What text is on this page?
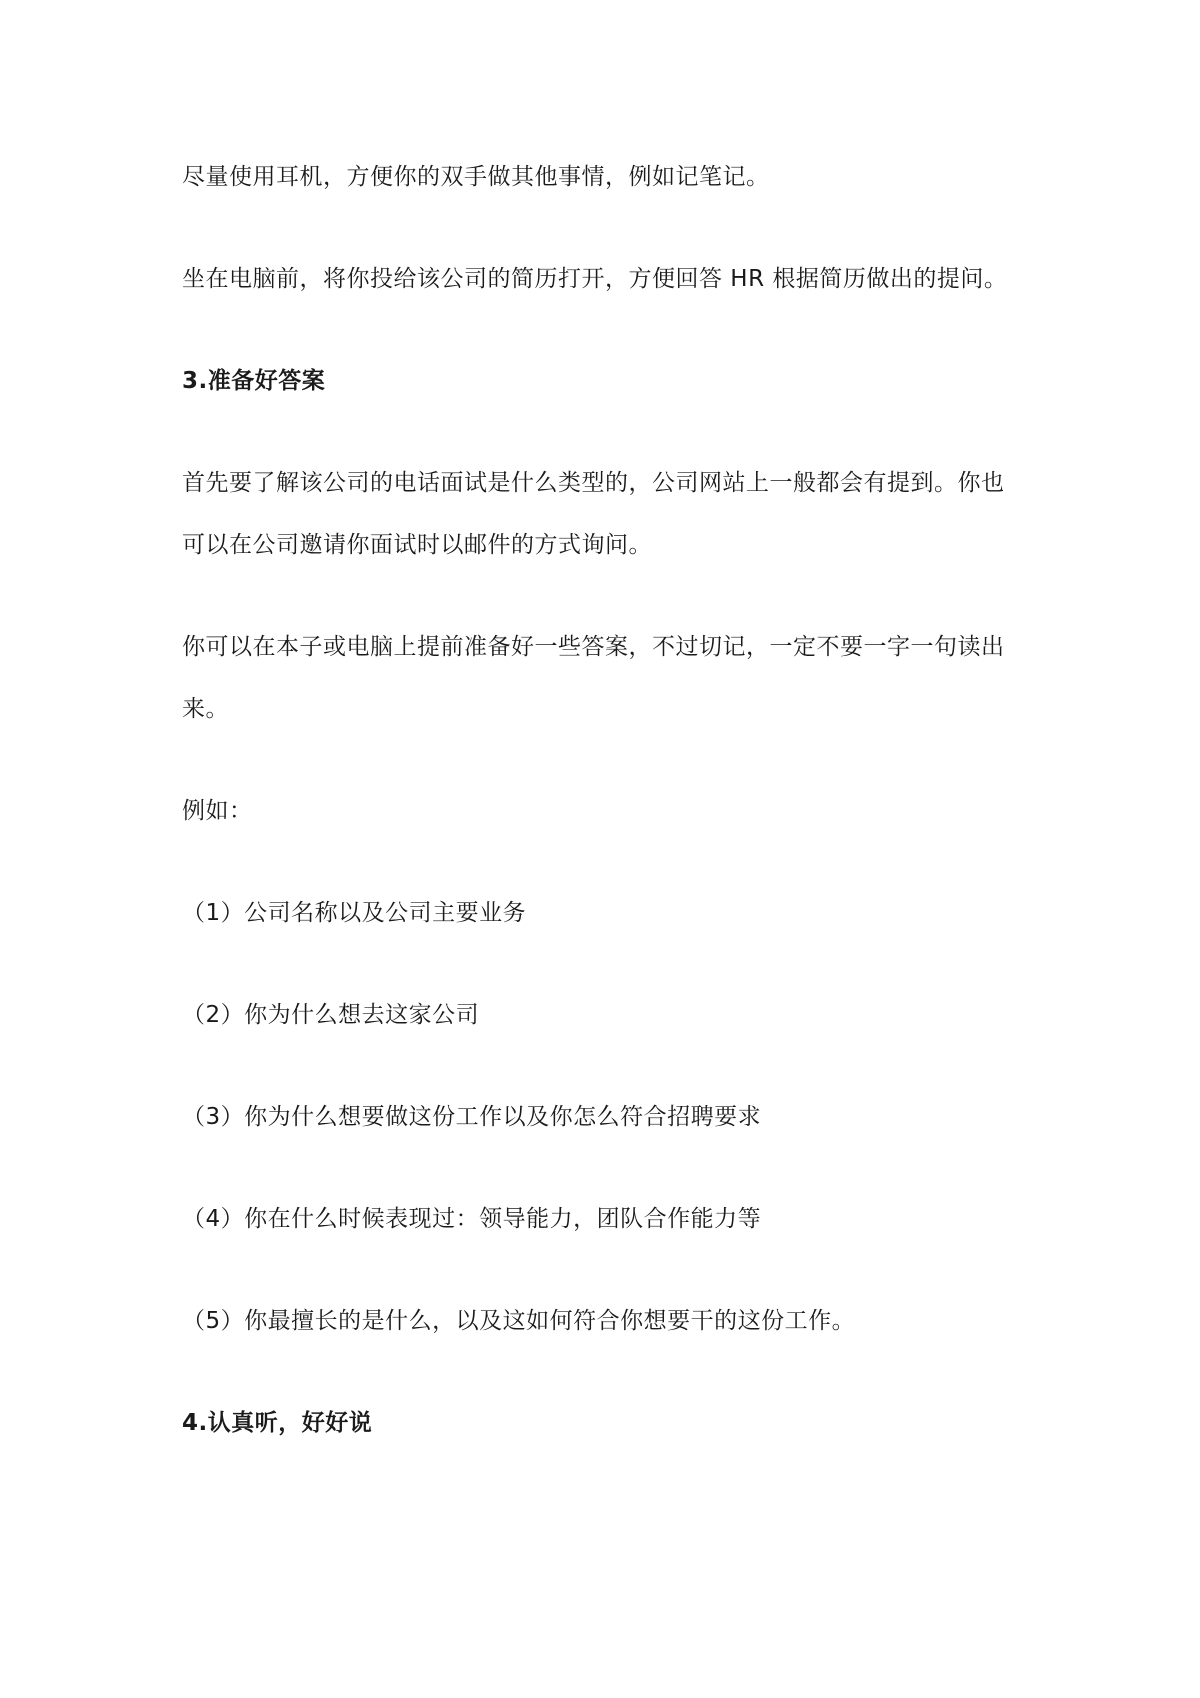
尽量使用耳机，方便你的双手做其他事情，例如记笔记。
坐在电脑前，将你投给该公司的简历打开，方便回答 HR 根据简历做出的提问。
3.准备好答案
首先要了解该公司的电话面试是什么类型的，公司网站上一般都会有提到。你也
可以在公司邀请你面试时以邮件的方式询问。
你可以在本子或电脑上提前准备好一些答案，不过切记，一定不要一字一句读出
来。
例如：
（1）公司名称以及公司主要业务
（2）你为什么想去这家公司
（3）你为什么想要做这份工作以及你怎么符合招聘要求
（4）你在什么时候表现过：领导能力，团队合作能力等
（5）你最擅长的是什么，以及这如何符合你想要干的这份工作。
4.认真听，好好说
